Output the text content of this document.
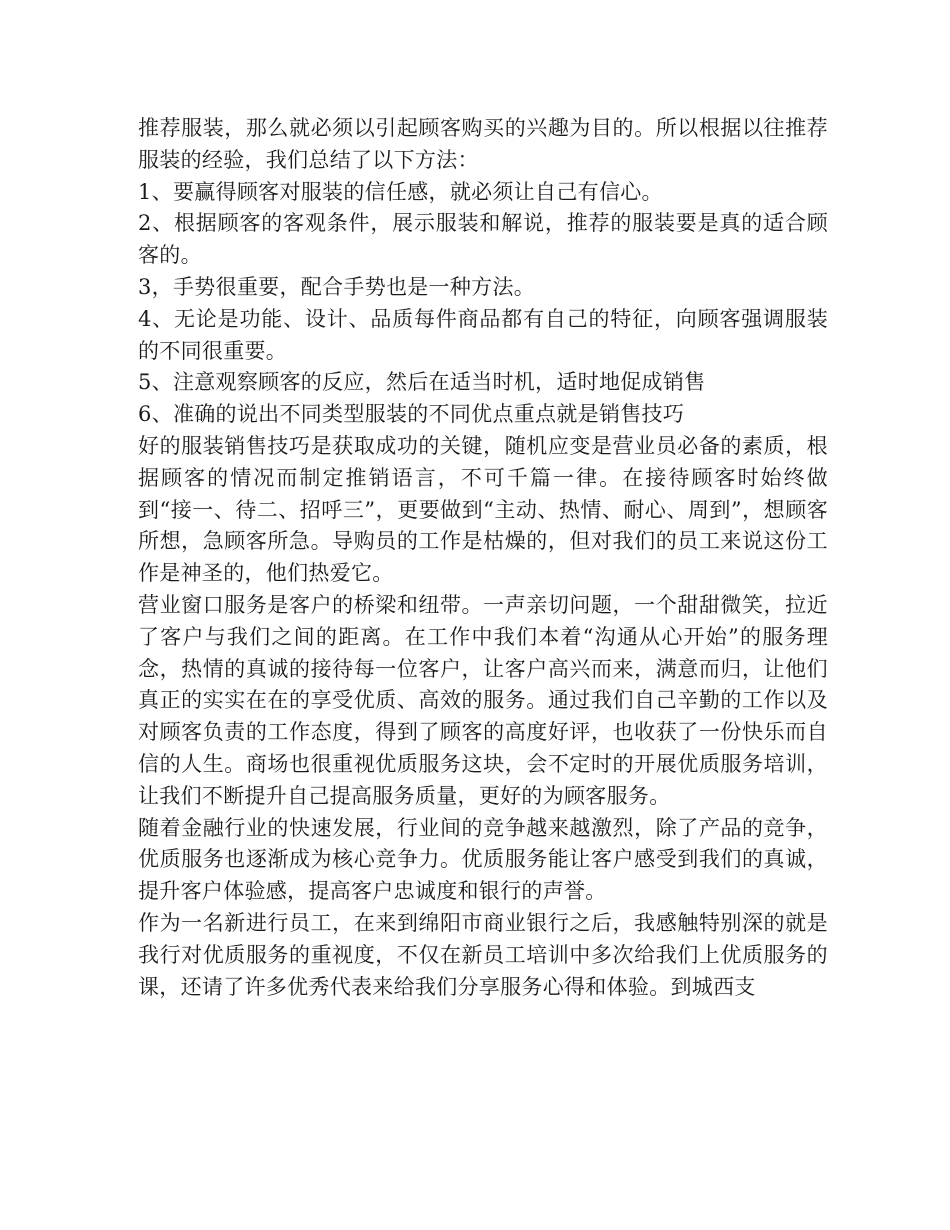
推荐服装，那么就必须以引起顾客购买的兴趣为目的。所以根据以往推荐服装的经验，我们总结了以下方法：

1、要赢得顾客对服装的信任感，就必须让自己有信心。

2、根据顾客的客观条件，展示服装和解说，推荐的服装要是真的适合顾客的。

3，手势很重要，配合手势也是一种方法。

4、无论是功能、设计、品质每件商品都有自己的特征，向顾客强调服装的不同很重要。

5、注意观察顾客的反应，然后在适当时机，适时地促成销售

6、准确的说出不同类型服装的不同优点重点就是销售技巧

好的服装销售技巧是获取成功的关键，随机应变是营业员必备的素质，根据顾客的情况而制定推销语言，不可千篇一律。在接待顾客时始终做到“接一、待二、招呼三”，更要做到“主动、热情、耐心、周到”，想顾客所想，急顾客所急。导购员的工作是枯燥的，但对我们的员工来说这份工作是神圣的，他们热爱它。

营业窗口服务是客户的桥梁和纽带。一声亲切问题，一个甜甜微笑，拉近了客户与我们之间的距离。在工作中我们本着“沟通从心开始”的服务理念，热情的真诚的接待每一位客户，让客户高兴而来，满意而归，让他们真正的实实在在的享受优质、高效的服务。通过我们自己辛勤的工作以及对顾客负责的工作态度，得到了顾客的高度好评，也收获了一份快乐而自信的人生。商场也很重视优质服务这块，会不定时的开展优质服务培训，让我们不断提升自己提高服务质量，更好的为顾客服务。

随着金融行业的快速发展，行业间的竞争越来越激烈，除了产品的竞争，优质服务也逐渐成为核心竞争力。优质服务能让客户感受到我们的真诚，提升客户体验感，提高客户忠诚度和银行的声誉。

作为一名新进行员工，在来到绵阳市商业银行之后，我感触特别深的就是我行对优质服务的重视度，不仅在新员工培训中多次给我们上优质服务的课，还请了许多优秀代表来给我们分享服务心得和体验。到城西支
